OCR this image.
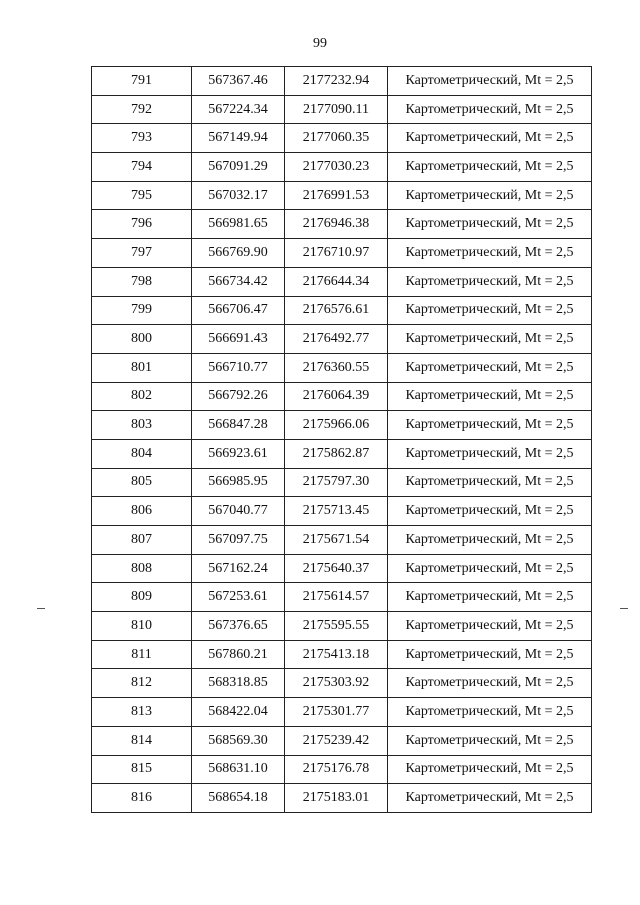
99
791	567367.46	2177232.94	Картометрический, Mt = 2,5
792	567224.34	2177090.11	Картометрический, Mt = 2,5
793	567149.94	2177060.35	Картометрический, Mt = 2,5
794	567091.29	2177030.23	Картометрический, Mt = 2,5
795	567032.17	2176991.53	Картометрический, Mt = 2,5
796	566981.65	2176946.38	Картометрический, Mt = 2,5
797	566769.90	2176710.97	Картометрический, Mt = 2,5
798	566734.42	2176644.34	Картометрический, Mt = 2,5
799	566706.47	2176576.61	Картометрический, Mt = 2,5
800	566691.43	2176492.77	Картометрический, Mt = 2,5
801	566710.77	2176360.55	Картометрический, Mt = 2,5
802	566792.26	2176064.39	Картометрический, Mt = 2,5
803	566847.28	2175966.06	Картометрический, Mt = 2,5
804	566923.61	2175862.87	Картометрический, Mt = 2,5
805	566985.95	2175797.30	Картометрический, Mt = 2,5
806	567040.77	2175713.45	Картометрический, Mt = 2,5
807	567097.75	2175671.54	Картометрический, Mt = 2,5
808	567162.24	2175640.37	Картометрический, Mt = 2,5
809	567253.61	2175614.57	Картометрический, Mt = 2,5
810	567376.65	2175595.55	Картометрический, Mt = 2,5
811	567860.21	2175413.18	Картометрический, Mt = 2,5
812	568318.85	2175303.92	Картометрический, Mt = 2,5
813	568422.04	2175301.77	Картометрический, Mt = 2,5
814	568569.30	2175239.42	Картометрический, Mt = 2,5
815	568631.10	2175176.78	Картометрический, Mt = 2,5
816	568654.18	2175183.01	Картометрический, Mt = 2,5
